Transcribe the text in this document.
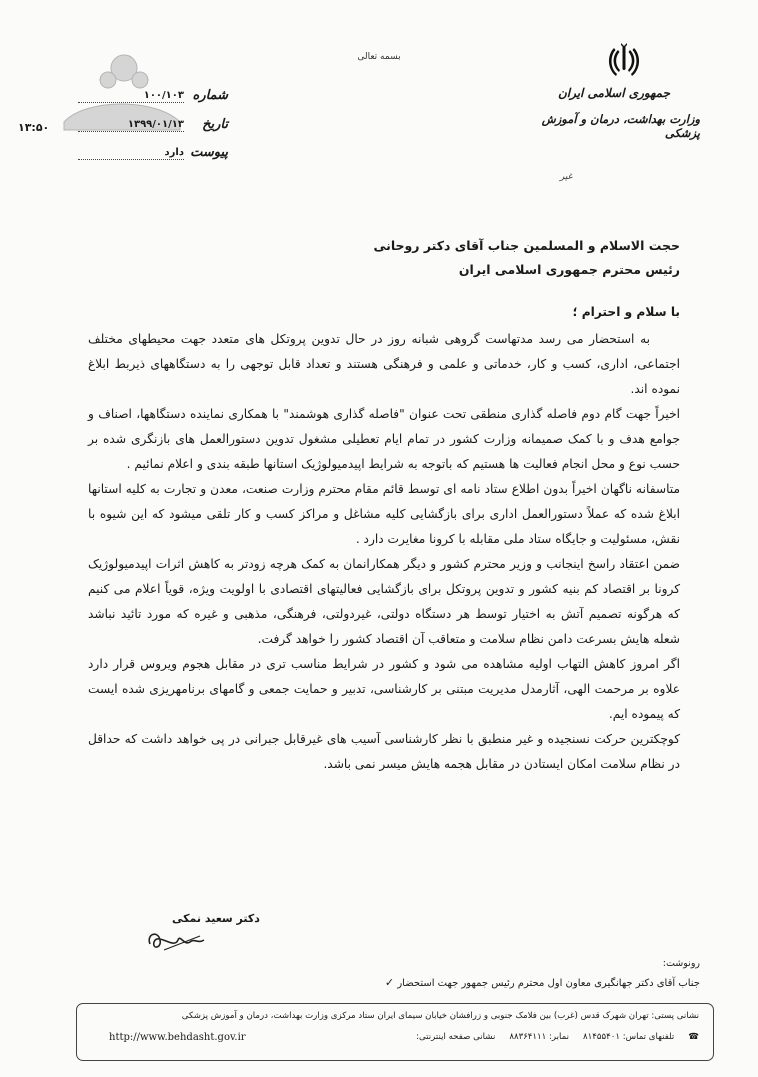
بسمه تعالی
جمهوری اسلامی ایران
وزارت بهداشت، درمان و آموزش پزشکی
غیر
شماره
۱۰۰/۱۰۳
تاریخ
۱۳۹۹/۰۱/۱۳
۱۳:۵۰
پیوست
دارد
حجت الاسلام و المسلمین جناب آقای دکتر روحانی
رئیس محترم جمهوری اسلامی ایران

با سلام و احترام ؛

به استحضار می رسد مدتهاست گروهی شبانه روز در حال تدوین پروتکل های متعدد جهت محیطهای مختلف اجتماعی، اداری، کسب و کار، خدماتی و علمی و فرهنگی هستند و تعداد قابل توجهی را به دستگاههای ذیربط ابلاغ نموده اند.

اخیراً جهت گام دوم فاصله گذاری منطقی تحت عنوان "فاصله گذاری هوشمند" با همکاری نماینده دستگاهها، اصناف و جوامع هدف و با کمک صمیمانه وزارت کشور در تمام ایام تعطیلی مشغول تدوین دستورالعمل های بازنگری شده بر حسب نوع و محل انجام فعالیت ها هستیم که باتوجه به شرایط اپیدمیولوژیک استانها طبقه بندی و اعلام نمائیم .

متاسفانه ناگهان اخیراً بدون اطلاع ستاد نامه ای توسط قائم مقام محترم وزارت صنعت، معدن و تجارت به کلیه استانها ابلاغ شده که عملاً دستورالعمل اداری برای بازگشایی کلیه مشاغل و مراکز کسب و کار تلقی میشود که این شیوه با نقش، مسئولیت و جایگاه ستاد ملی مقابله با کرونا مغایرت دارد .

ضمن اعتقاد راسخ اینجانب و وزیر محترم کشور و دیگر همکارانمان به کمک هرچه زودتر به کاهش اثرات اپیدمیولوژیک کرونا بر اقتصاد کم بنیه کشور و تدوین پروتکل برای بازگشایی فعالیتهای اقتصادی با اولویت ویژه، قویاً اعلام می کنیم که هرگونه تصمیم آتش به اختیار توسط هر دستگاه دولتی، غیردولتی، فرهنگی، مذهبی و غیره که مورد تائید نباشد شعله هایش بسرعت دامن نظام سلامت و متعاقب آن اقتصاد کشور را خواهد گرفت.

اگر امروز کاهش التهاب اولیه مشاهده می شود و کشور در شرایط مناسب تری در مقابل هجوم ویروس قرار دارد علاوه بر مرحمت الهی، آثارمدل مدیریت مبتنی بر کارشناسی، تدبیر و حمایت جمعی و گامهای برنامهریزی شده ایست که پیموده ایم.

کوچکترین حرکت نسنجیده و غیر منطبق با نظر کارشناسی آسیب های غیرقابل جبرانی در پی خواهد داشت که حداقل در نظام سلامت امکان ایستادن در مقابل هجمه هایش میسر نمی باشد.

دکتر سعید نمکی
رونوشت:
جناب آقای دکتر جهانگیری معاون اول محترم رئیس جمهور جهت استحضار ✓
نشانی پستی: تهران شهرک قدس (غرب) بین فلامک جنوبی و زرافشان خیابان سیمای ایران ستاد مرکزی وزارت بهداشت، درمان و آموزش پزشکی
☎تلفنهای تماس: ۸۱۴۵۵۴۰۱نمابر: ۸۸۳۶۴۱۱۱نشانی صفحه اینترنتی:
http://www.behdasht.gov.ir
